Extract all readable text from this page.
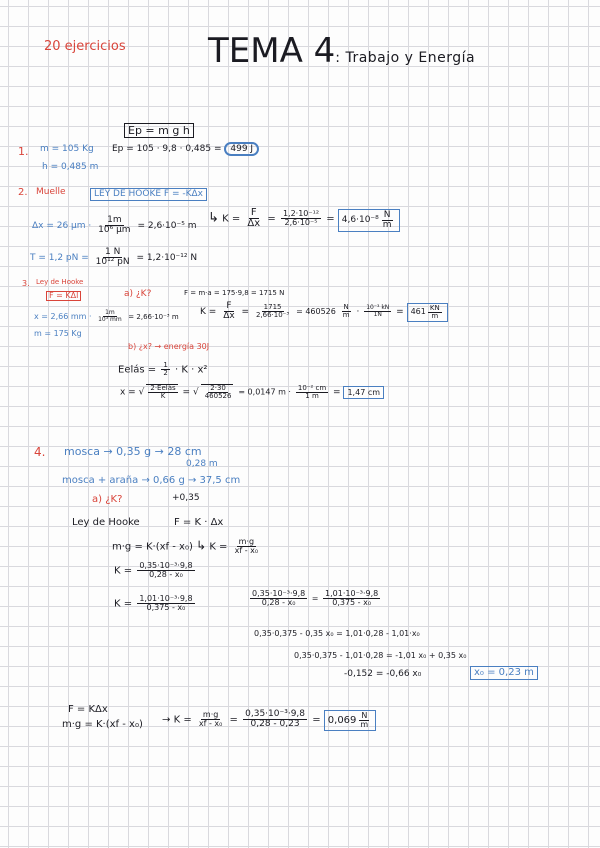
20 ejercicios TEMA 4: Trabajo y Energía
Ep = m g h
1. m = 105 Kg
h = 0,485 m
Ep = 105 · 9,8 · 0,485 = 499 J
2. Muelle	LEY DE HOOKE F = -KΔx
Δx = 26 $\mu m \cdot \frac{1m}{\text{10⁶ μm}} = 2,6\cdot 10^{-5}$ m
T = 1,2 pN = $\frac{1 N}{\text{10¹² pN}} = 1,2\cdot 10^{-12}$ N
↳ $K = \frac{F}{\Delta x} = \frac{\text{1,2·10⁻¹²}}{\text{2,6·10⁻⁵}} = 4,6\cdot 10^{-8} \frac{N}{m}$
3. Ley de Hooke
F = KΔl
x = 2,66 mm · $\frac{1m}{\text{10³ mm}} = 2,66\cdot 10^{-3}$ m
m = 175 Kg
a) ¿K?	F = m·a = 175·9,8 = 1715 N
$K = \frac{F}{\Delta x} = \frac{1715}{\text{2,66·10⁻³}} = 460526 \frac{N}{m} \cdot \frac{\text{10⁻³ kN}}{1N} = 461 \frac{KN}{m}$
b) ¿x? → energía 30J
Eelás = $\frac{1}{2} \cdot K \cdot x^2$
x = √ $\frac{\text{2·Eelás}}{K}$ = √ $\frac{2\cdot 30}{460526} = 0,0147$ $m \cdot \frac{\text{10⁻² cm}}{1 m} = 1,47$ cm
4. mosca → 0,35 g → 28 cm
0,28 m
mosca + araña → 0,66 g → 37,5 cm
a) ¿K?	+0,35
Ley de Hooke	F = K · Δx
m·g = K·(xf - x₀) ↳ $K = \frac{m\cdot g}{\text{xf - x₀}}$
$K = \frac{\text{0,35·10⁻³·9,8}}{\text{0,28 - x₀}}$
$K = \frac{\text{1,01·10⁻³·9,8}}{\text{0,375 - x₀}}$	$\frac{\text{0,35·10⁻³·9,8}}{\text{0,28 - x₀}} = \frac{\text{1,01·10⁻³·9,8}}{\text{0,375 - x₀}}$
0,35·0,375 - 0,35 x₀ = 1,01·0,28 - 1,01·x₀
0,35·0,375 - 1,01·0,28 = -1,01 x₀ + 0,35 x₀
-0,152 = -0,66 x₀	x₀ = 0,23 m
F = KΔx
$m\cdot g = K\cdot(xf - x_0) \to K = \frac{m\cdot g}{\text{xf - x₀}} = \frac{\text{0,35·10⁻³·9,8}}{0,28 - 0,23} = 0,069 \frac{N}{m}$
